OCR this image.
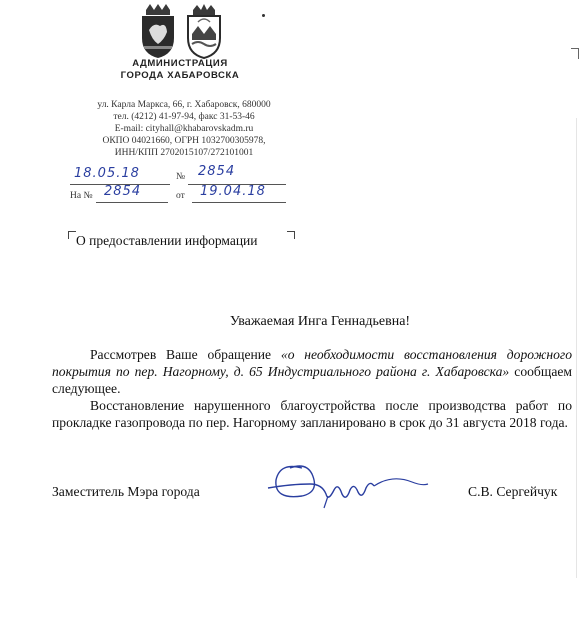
АДМИНИСТРАЦИЯ
ГОРОДА ХАБАРОВСКА
ул. Карла Маркса, 66, г. Хабаровск, 680000
тел. (4212) 41-97-94, факс 31-53-46
E-mail: cityhall@khabarovskadm.ru
ОКПО 04021660, ОГРН 1032700305978,
ИНН/КПП 2702015107/272101001
18.05.18	№ 2854
На № 2854	от 19.04.18
О предоставлении информации
Уважаемая Инга Геннадьевна!

Рассмотрев Ваше обращение «о необходимости восстановления дорожного покрытия по пер. Нагорному, д. 65 Индустриального района г. Хабаровска» сообщаем следующее.

Восстановление нарушенного благоустройства после производства работ по прокладке газопровода по пер. Нагорному запланировано в срок до 31 августа 2018 года.

Заместитель Мэра города	С.В. Сергейчук
